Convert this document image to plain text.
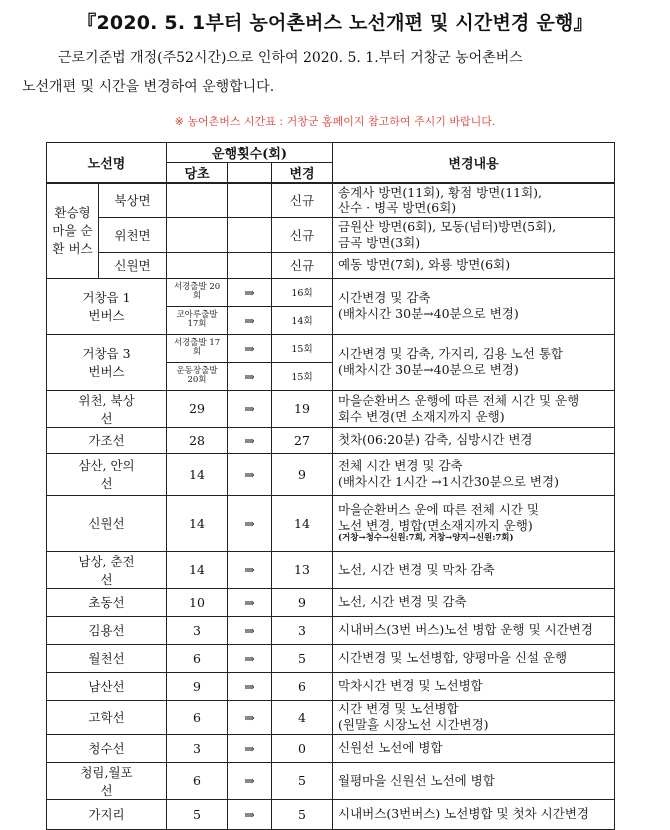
『2020. 5. 1부터 농어촌버스 노선개편 및 시간변경 운행』
근로기준법 개정(주52시간)으로 인하여 2020. 5. 1.부터 거창군 농어촌버스
노선개편 및 시간을 변경하여 운행합니다.
※ 농어촌버스 시간표 : 거창군 홈페이지 참고하여 주시기 바랍니다.
노선명		운행횟수(회)			변경내용
		당초		변경	
환승형 마을 순환 버스	북상면			신규	송계사 방면(11회), 황점 방면(11회),
산수 · 병곡 방면(6회)

	위천면			신규	금원산 방면(6회), 모동(넘터)방면(5회),
금곡 방면(3회)

	신원면			신규	예동 방면(7회), 와룡 방면(6회)

거창읍 1번버스		서경출발 20회	⇒	16회	시간변경 및 감축
(배차시간 30분→40분으로 변경)

		코아루출발 17회	⇒	14회	
거창읍 3번버스		서경출발 17회	⇒	15회	시간변경 및 감축, 가지리, 김용 노선 통합
(배차시간 30분→40분으로 변경)

		운동장출발 20회	⇒	15회	
위천, 북상선		29	⇒	19	마을순환버스 운행에 따른 전체 시간 및 운행
회수 변경(면 소재지까지 운행)

가조선		28	⇒	27	첫차(06:20분) 감축, 심방시간 변경

삼산, 안의선		14	⇒	9	전체 시간 변경 및 감축
(배차시간 1시간 →1시간30분으로 변경)

신원선		14	⇒	14	마을순환버스 운에 따른 전체 시간 및
노선 변경, 병합(면소재지까지 운행)
(거창→청수→신원:7회, 거창→양지→신원:7회)

남상, 춘전선		14	⇒	13	노선, 시간 변경 및 막차 감축

초동선		10	⇒	9	노선, 시간 변경 및 감축

김용선		3	⇒	3	시내버스(3번 버스)노선 병합 운행 및 시간변경

월천선		6	⇒	5	시간변경 및 노선병합, 양평마을 신설 운행

남산선		9	⇒	6	막차시간 변경 및 노선병합

고학선		6	⇒	4	시간 변경 및 노선병합
(원말흘 시장노선 시간변경)

청수선		3	⇒	0	신원선 노선에 병합

청림,월포선		6	⇒	5	월평마을 신원선 노선에 병합

가지리		5	⇒	5	시내버스(3번버스) 노선병합 및 첫차 시간변경
